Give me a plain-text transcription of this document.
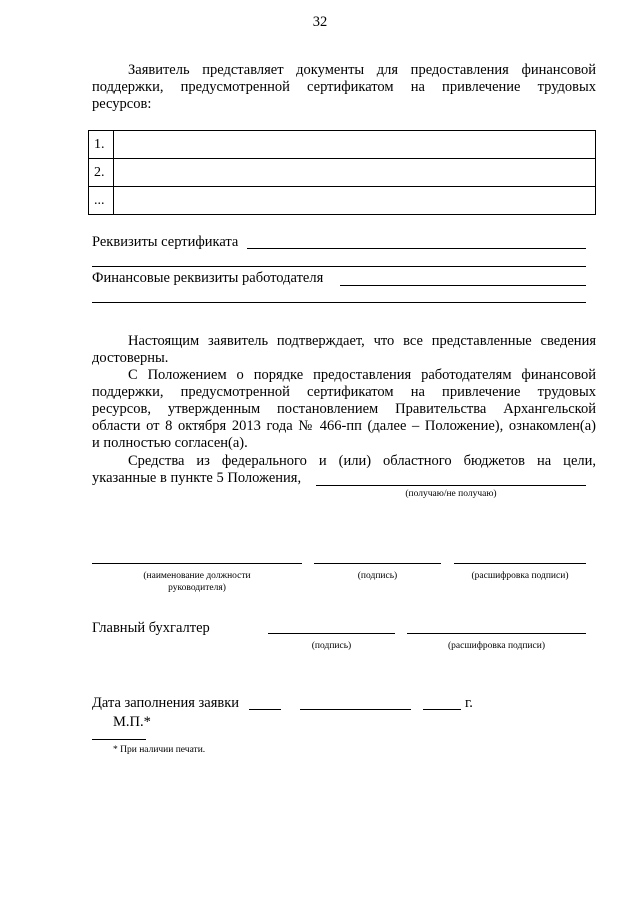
32
Заявитель представляет документы для предоставления финансовой
поддержки, предусмотренной сертификатом на привлечение трудовых
ресурсов:
1.	
2.	
...	
Реквизиты сертификата
Финансовые реквизиты работодателя
Настоящим заявитель подтверждает, что все представленные сведения
достоверны.
С Положением о порядке предоставления работодателям финансовой
поддержки, предусмотренной сертификатом на привлечение трудовых
ресурсов, утвержденным постановлением Правительства Архангельской
области от 8 октября 2013 года № 466-пп (далее – Положение), ознакомлен(а)
и полностью согласен(а).
Средства из федерального и (или) областного бюджетов на цели,
указанные в пункте 5 Положения,
(получаю/не получаю)
(наименование должности
руководителя)
(подпись)	(расшифровка подписи)
Главный бухгалтер
(подпись)	(расшифровка подписи)
Дата заполнения заявки	г.
М.П.*
* При наличии печати.
